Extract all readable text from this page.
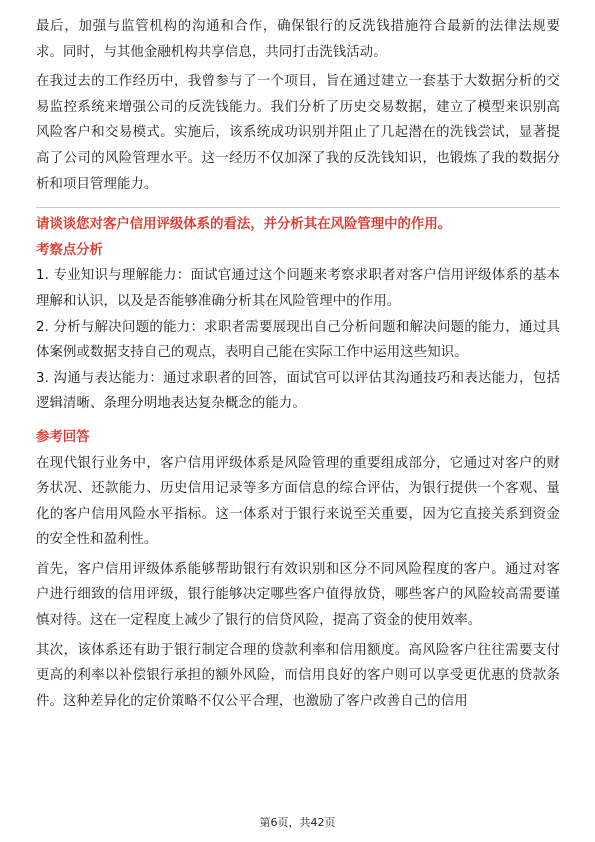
最后，加强与监管机构的沟通和合作，确保银行的反洗钱措施符合最新的法律法规要求。同时，与其他金融机构共享信息，共同打击洗钱活动。

在我过去的工作经历中，我曾参与了一个项目，旨在通过建立一套基于大数据分析的交易监控系统来增强公司的反洗钱能力。我们分析了历史交易数据，建立了模型来识别高风险客户和交易模式。实施后，该系统成功识别并阻止了几起潜在的洗钱尝试，显著提高了公司的风险管理水平。这一经历不仅加深了我的反洗钱知识，也锻炼了我的数据分析和项目管理能力。

请谈谈您对客户信用评级体系的看法，并分析其在风险管理中的作用。

考察点分析

1. 专业知识与理解能力：面试官通过这个问题来考察求职者对客户信用评级体系的基本理解和认识，以及是否能够准确分析其在风险管理中的作用。

2. 分析与解决问题的能力：求职者需要展现出自己分析问题和解决问题的能力，通过具体案例或数据支持自己的观点，表明自己能在实际工作中运用这些知识。

3. 沟通与表达能力：通过求职者的回答，面试官可以评估其沟通技巧和表达能力，包括逻辑清晰、条理分明地表达复杂概念的能力。

参考回答

在现代银行业务中，客户信用评级体系是风险管理的重要组成部分，它通过对客户的财务状况、还款能力、历史信用记录等多方面信息的综合评估，为银行提供一个客观、量化的客户信用风险水平指标。这一体系对于银行来说至关重要，因为它直接关系到资金的安全性和盈利性。

首先，客户信用评级体系能够帮助银行有效识别和区分不同风险程度的客户。通过对客户进行细致的信用评级，银行能够决定哪些客户值得放贷，哪些客户的风险较高需要谨慎对待。这在一定程度上减少了银行的信贷风险，提高了资金的使用效率。

其次，该体系还有助于银行制定合理的贷款利率和信用额度。高风险客户往往需要支付更高的利率以补偿银行承担的额外风险，而信用良好的客户则可以享受更优惠的贷款条件。这种差异化的定价策略不仅公平合理，也激励了客户改善自己的信用

第6页，共42页
